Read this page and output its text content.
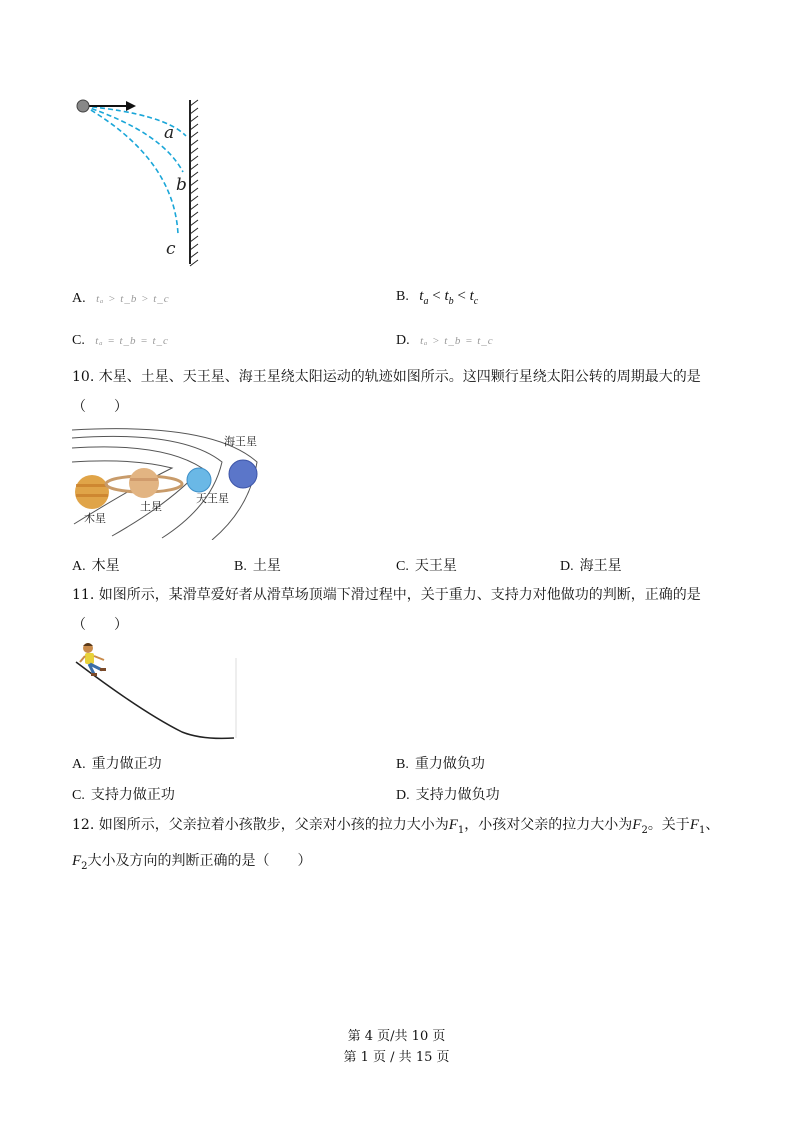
a
b
c
A. tₐ > t_b > t_c	B. $t_a < t_b < t_c$
C. tₐ = t_b = t_c	D. tₐ > t_b = t_c
10. 木星、土星、天王星、海王星绕太阳运动的轨迹如图所示。这四颗行星绕太阳公转的周期最大的是（　　）
海王星
木星
土星
天王星
A. 木星	B. 土星	C. 天王星	D. 海王星
11. 如图所示，某滑草爱好者从滑草场顶端下滑过程中，关于重力、支持力对他做功的判断，正确的是（　　）
A. 重力做正功	B. 重力做负功
C. 支持力做正功	D. 支持力做负功
12. 如图所示，父亲拉着小孩散步，父亲对小孩的拉力大小为$F_1$，小孩对父亲的拉力大小为$F_2$。关于$F_1$、$F_2$大小及方向的判断正确的是（　　）
第 4 页/共 10 页
第 1 页 / 共 15 页
